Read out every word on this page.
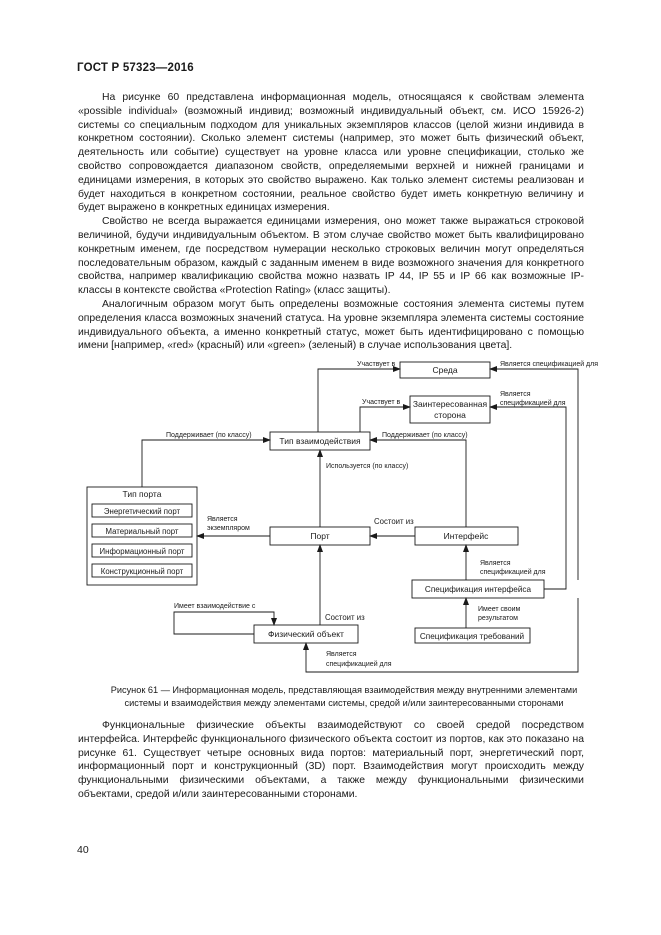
ГОСТ Р 57323—2016

На рисунке 60 представлена информационная модель, относящаяся к свойствам элемента «possible individual» (возможный индивид; возможный индивидуальный объект, см. ИСО 15926-2) системы со специальным подходом для уникальных экземпляров классов (целой жизни индивида в конкретном состоянии). Сколько элемент системы (например, это может быть физический объект, деятельность или событие) существует на уровне класса или уровне спецификации, столько же свойство сопровождается диапазоном свойств, определяемыми верхней и нижней границами и единицами измерения, в которых это свойство выражено. Как только элемент системы реализован и будет находиться в конкретном состоянии, реальное свойство будет иметь конкретную величину и будет выражено в конкретных единицах измерения.

Свойство не всегда выражается единицами измерения, оно может также выражаться строковой величиной, будучи индивидуальным объектом. В этом случае свойство может быть квалифицировано конкретным именем, где посредством нумерации несколько строковых величин могут определяться последовательным образом, каждый с заданным именем в виде возможного значения для конкретного свойства, например квалификацию свойства можно назвать IP 44, IP 55 и IP 66 как возможные IP-классы в контексте свойства «Protection Rating» (класс защиты).

Аналогичным образом могут быть определены возможные состояния элемента системы путем определения класса возможных значений статуса. На уровне экземпляра элемента системы состояние индивидуального объекта, а именно конкретный статус, может быть идентифицировано с помощью имени [например, «red» (красный) или «green» (зеленый) в случае использования цвета].

Среда
Заинтересованная
сторона
Тип взаимодействия
Тип порта
Энергетический порт
Материальный порт
Информационный порт
Конструкционный порт
Порт	Интерфейс
Спецификация интерфейса
Физический объект	Спецификация требований
Участвует в
Участвует в
Является спецификацией для
Является
спецификацией для
Поддерживает (по классу)	Поддерживает (по классу)
Используется (по классу)
Является
экземпляром
Состоит из
Является
спецификацией для
Имеет взаимодействие с
Состоит из
Имеет своим
результатом
Является
спецификацией для
Рисунок 61 — Информационная модель, представляющая взаимодействия между внутренними элементами
системы и взаимодействия между элементами системы, средой и/или заинтересованными сторонами

Функциональные физические объекты взаимодействуют со своей средой посредством интерфейса. Интерфейс функционального физического объекта состоит из портов, как это показано на рисунке 61. Существует четыре основных вида портов: материальный порт, энергетический порт, информационный порт и конструкционный (3D) порт. Взаимодействия могут происходить между функциональными физическими объектами, а также между функциональными физическими объектами, средой и/или заинтересованными сторонами.

40
